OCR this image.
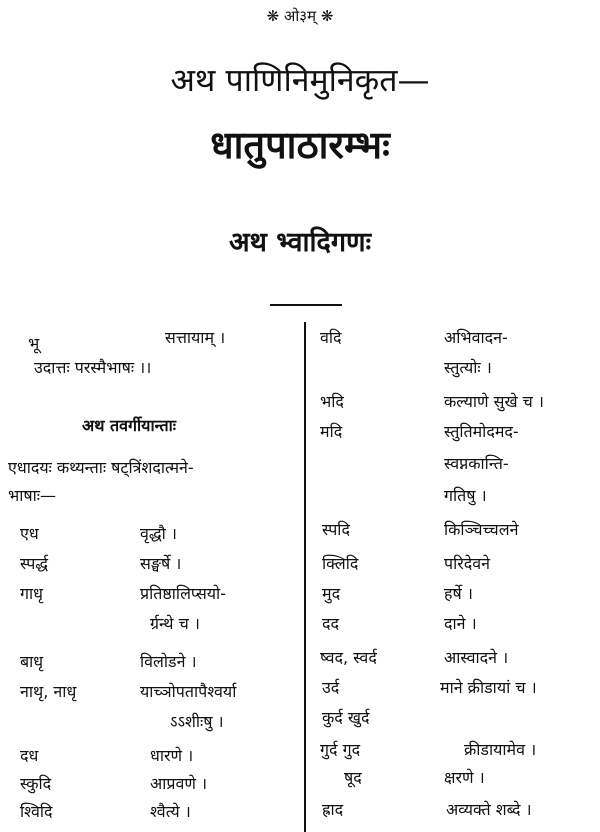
❋ ओ३म् ❋
अथ पाणिनिमुनिकृत—
धातुपाठारम्भः
अथ भ्वादिगणः
भू	सत्तायाम् ।
उदात्तः परस्मैभाषः ।।
अथ तवर्गीयान्ताः
एधादयः कथ्यन्ताः षट्त्रिंशदात्मने-
भाषाः—
एध	वृद्धौ ।
स्पर्द्ध	सङ्घर्षे ।
गाधृ	प्रतिष्ठालिप्सयो-
र्ग्रन्थे च ।
बाधृ	विलोडने ।
नाथृ, नाधृ	याच्ञोपतापैश्वर्या
ऽऽशीःषु ।
दध	धारणे ।
स्कुदि	आप्रवणे ।
श्विदि	श्वैत्ये ।
वदि	अभिवादन-
स्तुत्योः ।
भदि	कल्याणे सुखे च ।
मदि	स्तुतिमोदमद-
स्वप्नकान्ति-
गतिषु ।
स्पदि	किञ्चिच्चलने
क्लिदि	परिदेवने
मुद	हर्षे ।
दद	दाने ।
ष्वद, स्वर्द	आस्वादने ।
उर्द	माने क्रीडायां च ।
कुर्द खुर्द
गुर्द गुद	क्रीडायामेव ।
षूद	क्षरणे ।
ह्राद	अव्यक्ते शब्दे ।
